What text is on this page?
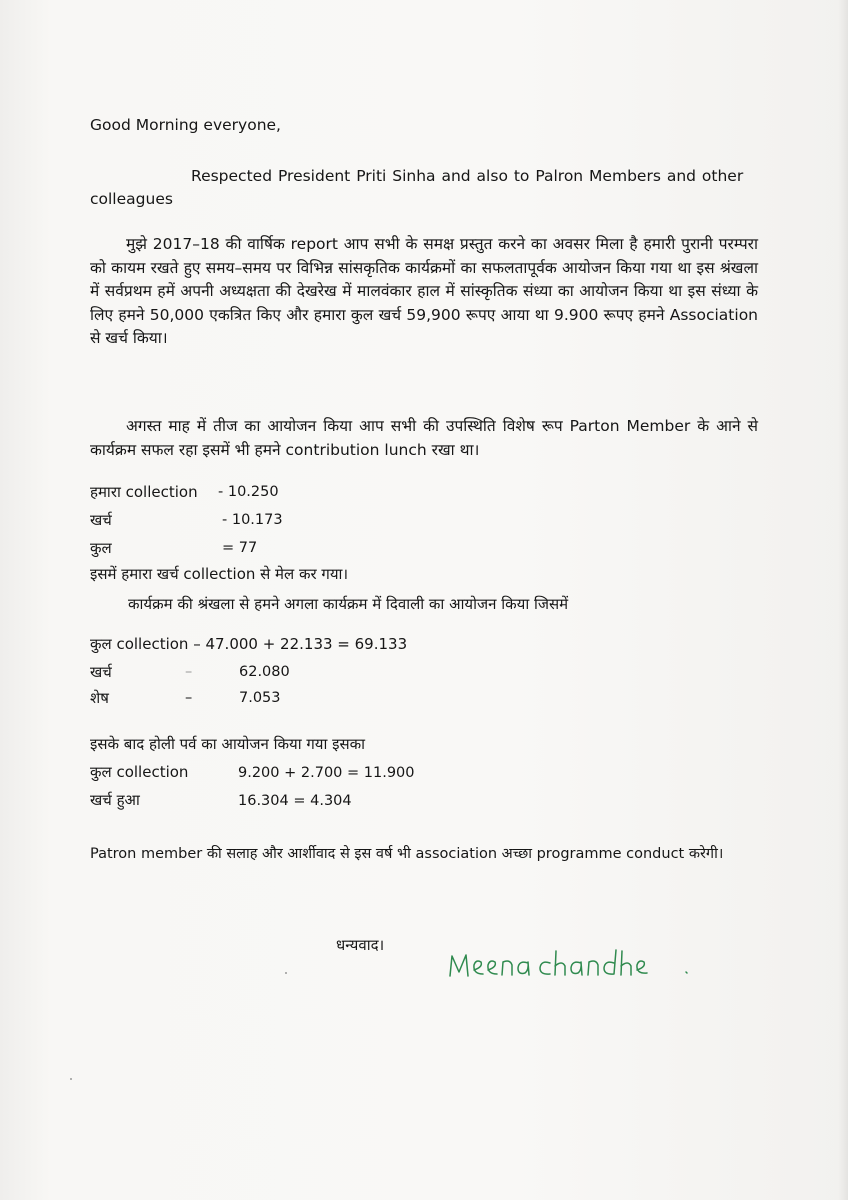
Good Morning everyone,
Respected President Priti Sinha and also to Palron Members and other
colleagues
मुझे 2017–18 की वार्षिक report आप सभी के समक्ष प्रस्तुत करने का अवसर मिला है हमारी पुरानी परम्परा को कायम रखते हुए समय–समय पर विभिन्न सांसकृतिक कार्यक्रमों का सफलतापूर्वक आयोजन किया गया था इस श्रंखला में सर्वप्रथम हमें अपनी अध्यक्षता की देखरेख में मालवंकार हाल में सांस्कृतिक संध्या का आयोजन किया था इस संध्या के लिए हमने 50,000 एकत्रित किए और हमारा कुल खर्च 59,900 रूपए आया था 9.900 रूपए हमने Association से खर्च किया।
अगस्त माह में तीज का आयोजन किया आप सभी की उपस्थिति विशेष रूप Parton Member के आने से कार्यक्रम सफल रहा इसमें भी हमने contribution lunch रखा था।
हमारा collection - 10.250
खर्च	- 10.173
कुल	= 77
इसमें हमारा खर्च collection से मेल कर गया।
कार्यक्रम की श्रंखला से हमने अगला कार्यक्रम में दिवाली का आयोजन किया जिसमें
कुल collection – 47.000 + 22.133 = 69.133
खर्च	–	62.080
शेष	–	7.053
इसके बाद होली पर्व का आयोजन किया गया इसका
कुल collection	9.200 + 2.700 = 11.900
खर्च हुआ	16.304 = 4.304
Patron member की सलाह और आर्शीवाद से इस वर्ष भी association अच्छा programme conduct करेगी।
धन्यवाद।
